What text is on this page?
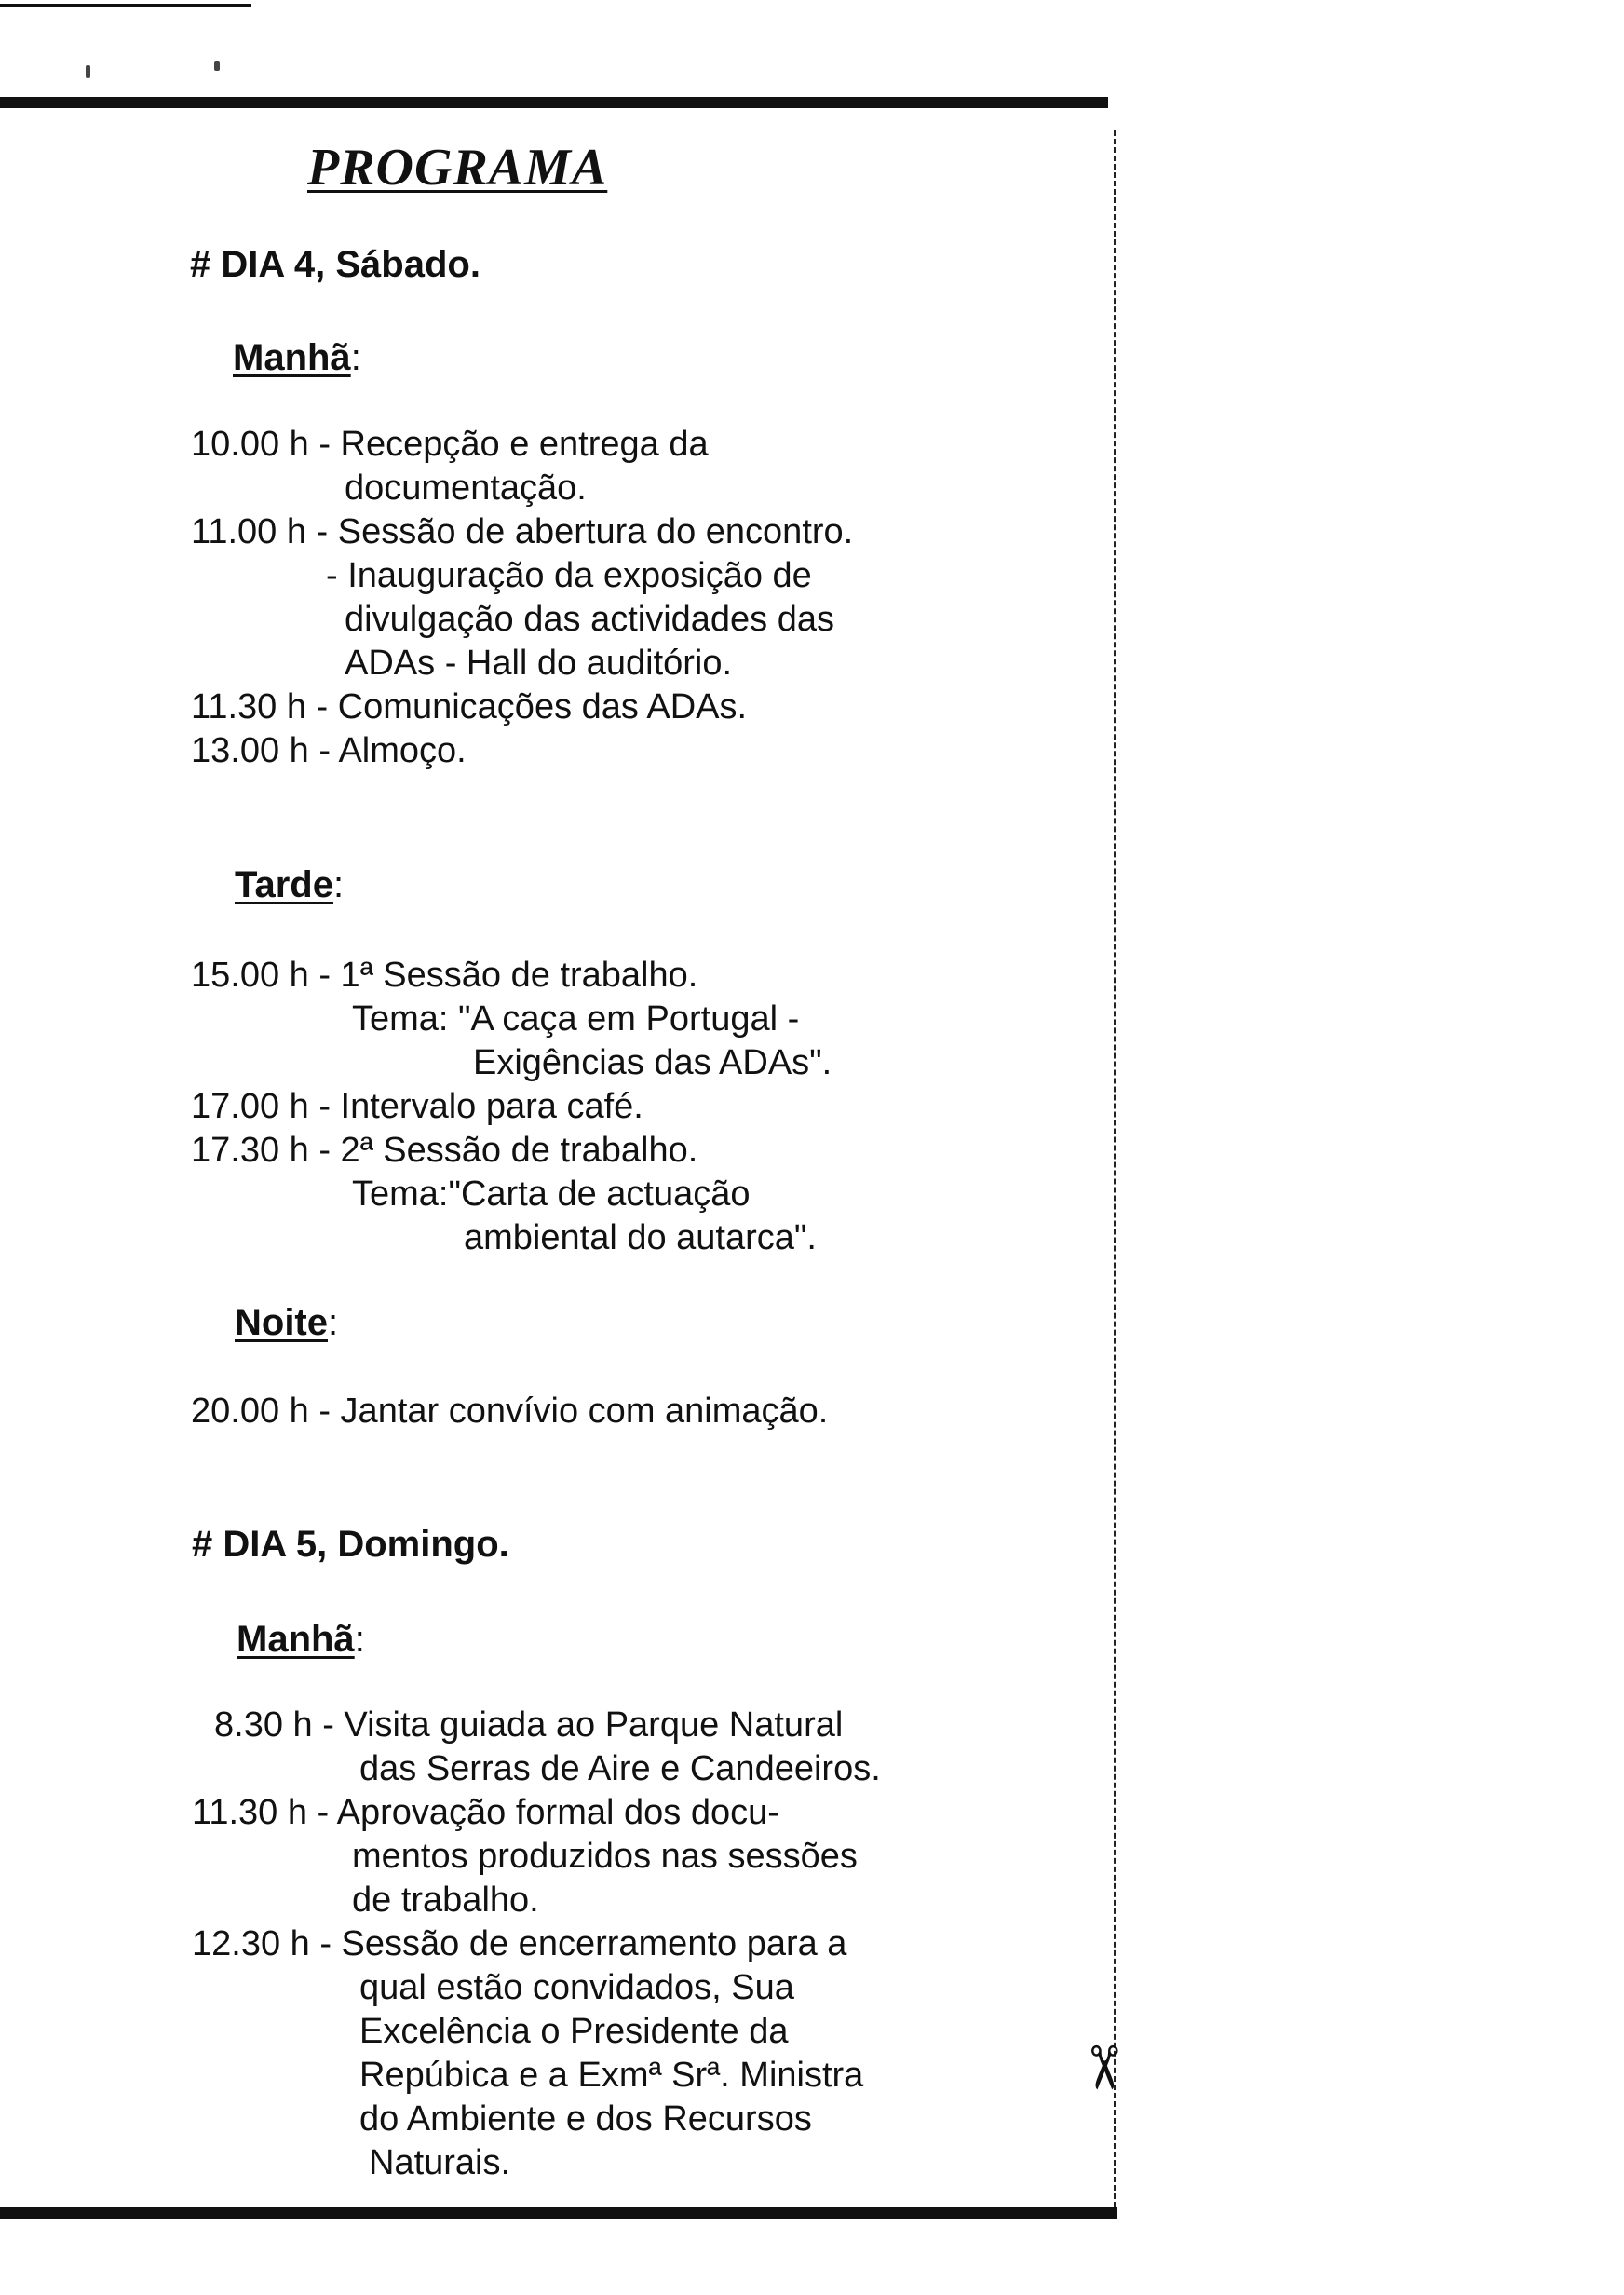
✂
PROGRAMA
# DIA 4, Sábado.
Manhã:
10.00 h - Recepção e entrega da
documentação.
11.00 h - Sessão de abertura do encontro.
- Inauguração da exposição de
divulgação das actividades das
ADAs - Hall do auditório.
11.30 h - Comunicações das ADAs.
13.00 h - Almoço.
Tarde:
15.00 h - 1ª Sessão de trabalho.
Tema: "A caça em Portugal -
Exigências das ADAs".
17.00 h - Intervalo para café.
17.30 h - 2ª Sessão de trabalho.
Tema:"Carta de actuação
ambiental do autarca".
Noite:
20.00 h - Jantar convívio com animação.
# DIA 5, Domingo.
Manhã:
8.30 h - Visita guiada ao Parque Natural
das Serras de Aire e Candeeiros.
11.30 h - Aprovação formal dos docu-
mentos produzidos nas sessões
de trabalho.
12.30 h - Sessão de encerramento para a
qual estão convidados, Sua
Excelência o Presidente da
Repúbica e a Exmª Srª. Ministra
do Ambiente e dos Recursos
Naturais.
